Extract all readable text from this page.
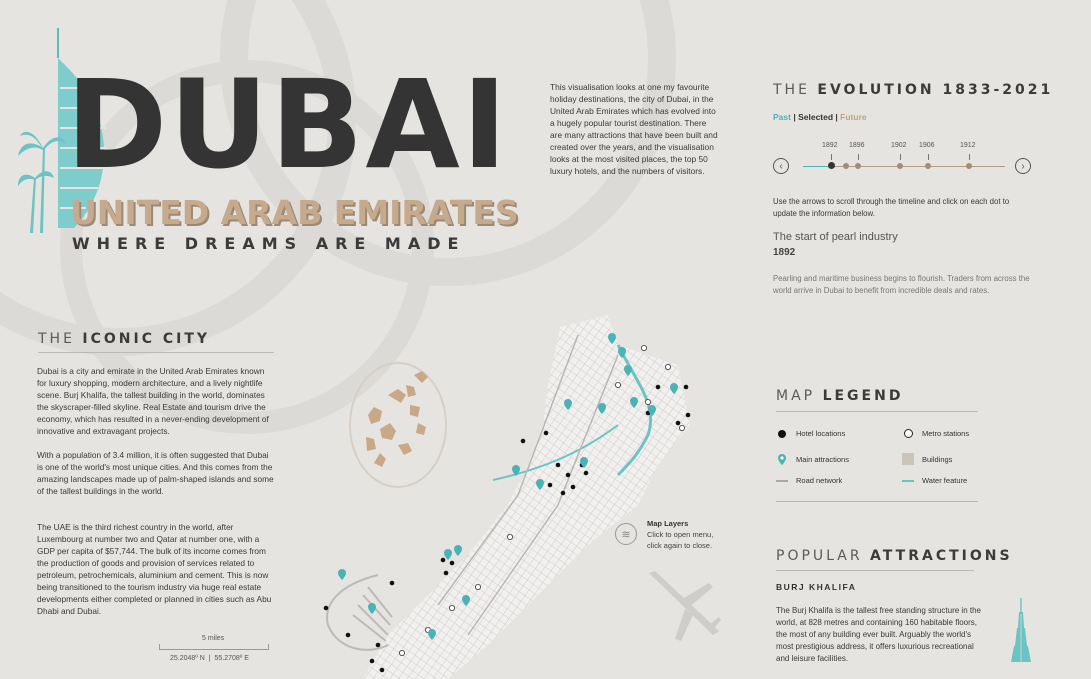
DUBAI
UNITED ARAB EMIRATES
WHERE DREAMS ARE MADE
This visualisation looks at one my favourite holiday destinations, the city of Dubai, in the United Arab Emirates which has evolved into a hugely popular tourist destination. There are many attractions that have been built and created over the years, and the visualisation looks at the most visited places, the top 50 luxury hotels, and the numbers of visitors.
THE EVOLUTION 1833-2021
Past | Selected | Future
‹	›
1892 1896	1902 1906	1912
Use the arrows to scroll through the timeline and click on each dot to update the information below.
The start of pearl industry
1892
Pearling and maritime business begins to flourish. Traders from across the world arrive in Dubai to benefit from incredible deals and rates.
THE ICONIC CITY
Dubai is a city and emirate in the United Arab Emirates known for luxury shopping, modern architecture, and a lively nightlife scene. Burj Khalifa, the tallest building in the world, dominates the skyscraper-filled skyline. Real Estate and tourism drive the economy, which has resulted in a never-ending development of innovative and extravagant projects.
With a population of 3.4 million, it is often suggested that Dubai is one of the world's most unique cities. And this comes from the amazing landscapes made up of palm-shaped islands and some of the tallest buildings in the world.
The UAE is the third richest country in the world, after Luxembourg at number two and Qatar at number one, with a GDP per capita of $57,744. The bulk of its income comes from the production of goods and provision of services related to petroleum, petrochemicals, aluminium and cement. This is now being transitioned to the tourism industry via huge real estate developments either completed or planned in cities such as Abu Dhabi and Dubai.
5 miles
25.2048º N  |  55.2708º E
≋
Map Layers
Click to open menu,
click again to close.
MAP LEGEND
Hotel locations	Metro stations
Main attractions	Buildings
Road network	Water feature
POPULAR ATTRACTIONS
BURJ KHALIFA
The Burj Khalifa is the tallest free standing structure in the world, at 828 metres and containing 160 habitable floors, the most of any building ever built. Arguably the world's most prestigious address, it offers luxurious recreational and leisure facilities.
